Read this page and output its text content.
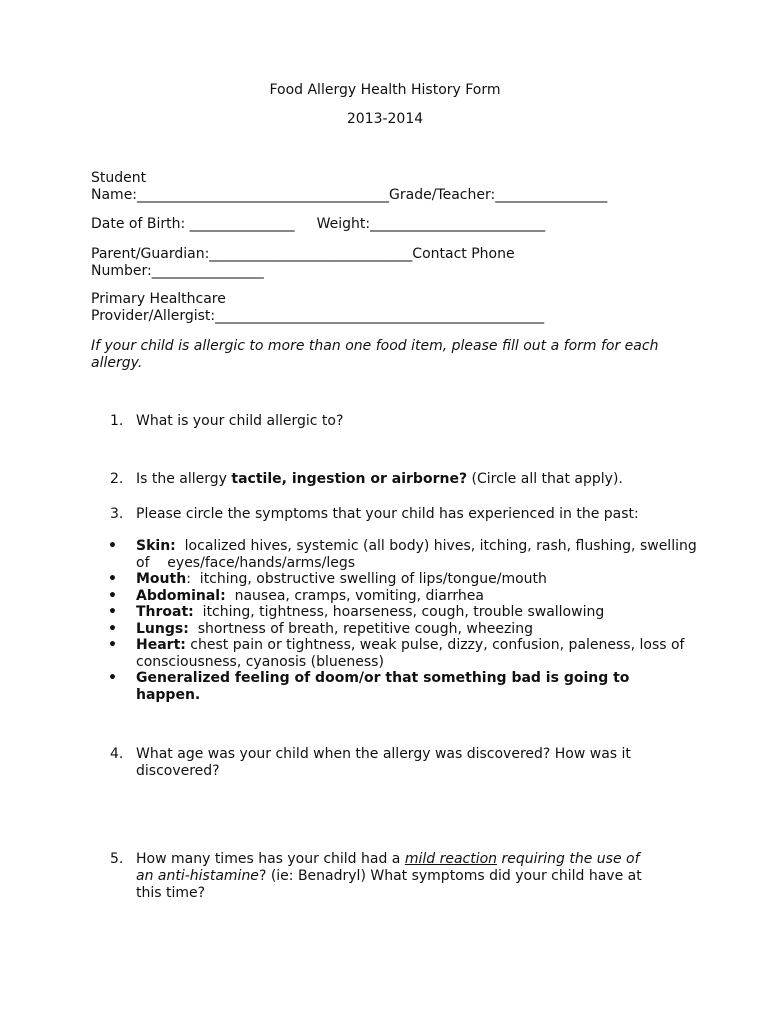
Food Allergy Health History Form
2013-2014
Student
Name:____________________________________Grade/Teacher:________________
Date of Birth: _______________ Weight:_________________________
Parent/Guardian:_____________________________Contact Phone
Number:________________
Primary Healthcare
Provider/Allergist:_______________________________________________
If your child is allergic to more than one food item, please fill out a form for each allergy.
1. What is your child allergic to?
2. Is the allergy tactile, ingestion or airborne? (Circle all that apply).
3. Please circle the symptoms that your child has experienced in the past:
• Skin:  localized hives, systemic (all body) hives, itching, rash, flushing, swelling of    eyes/face/hands/arms/legs
• Mouth:  itching, obstructive swelling of lips/tongue/mouth
• Abdominal:  nausea, cramps, vomiting, diarrhea
• Throat:  itching, tightness, hoarseness, cough, trouble swallowing
• Lungs:  shortness of breath, repetitive cough, wheezing
• Heart: chest pain or tightness, weak pulse, dizzy, confusion, paleness, loss of consciousness, cyanosis (blueness)
• Generalized feeling of doom/or that something bad is going to happen.
4. What age was your child when the allergy was discovered? How was it discovered?
5. How many times has your child had a mild reaction requiring the use of an anti-histamine? (ie: Benadryl) What symptoms did your child have at this time?
